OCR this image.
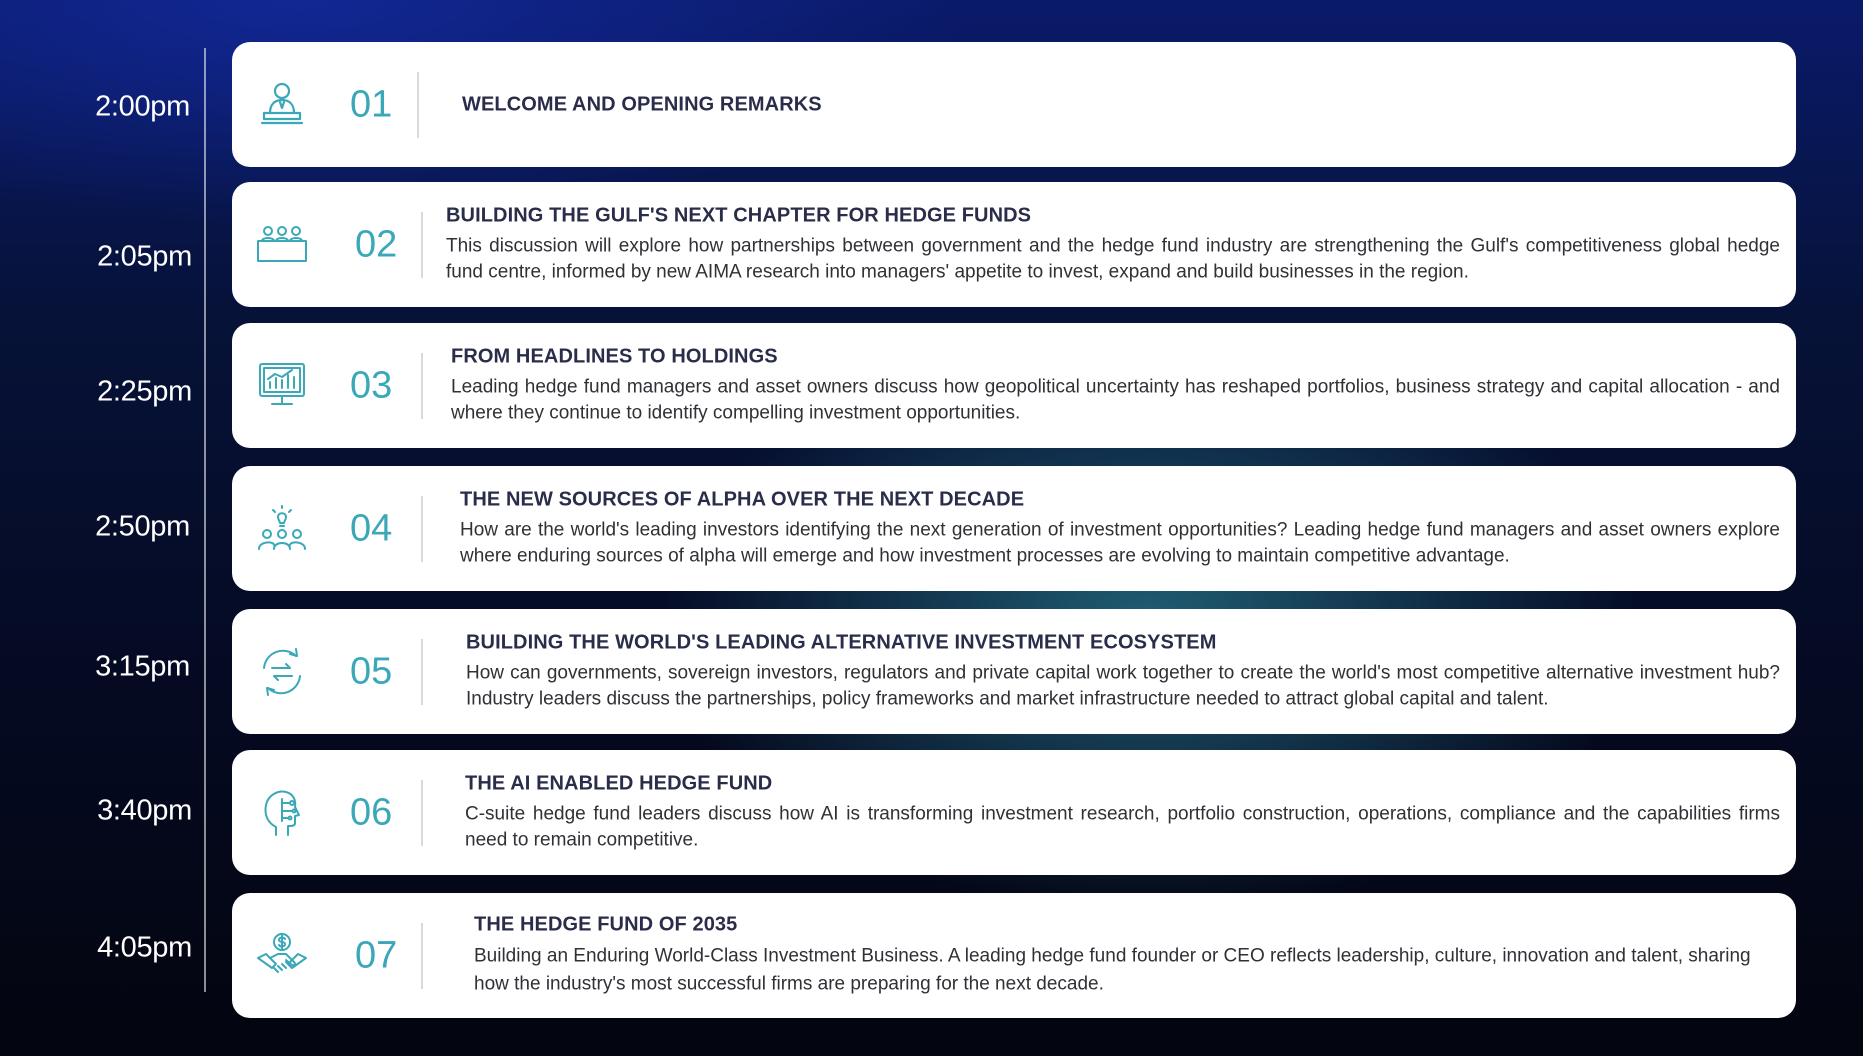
2:00pm
2:05pm
2:25pm
2:50pm
3:15pm
3:40pm
4:05pm
01	WELCOME AND OPENING REMARKS
02
BUILDING THE GULF'S NEXT CHAPTER FOR HEDGE FUNDS
This discussion will explore how partnerships between government and the hedge fund industry are strengthening the Gulf's competitiveness global hedge fund centre, informed by new AIMA research into managers' appetite to invest, expand and build businesses in the region.
03
FROM HEADLINES TO HOLDINGS
Leading hedge fund managers and asset owners discuss how geopolitical uncertainty has reshaped portfolios, business strategy and capital allocation - and where they continue to identify compelling investment opportunities.
04
THE NEW SOURCES OF ALPHA OVER THE NEXT DECADE
How are the world's leading investors identifying the next generation of investment opportunities? Leading hedge fund managers and asset owners explore where enduring sources of alpha will emerge and how investment processes are evolving to maintain competitive advantage.
05
BUILDING THE WORLD'S LEADING ALTERNATIVE INVESTMENT ECOSYSTEM
How can governments, sovereign investors, regulators and private capital work together to create the world's most competitive alternative investment hub? Industry leaders discuss the partnerships, policy frameworks and market infrastructure needed to attract global capital and talent.
06
THE AI ENABLED HEDGE FUND
C-suite hedge fund leaders discuss how AI is transforming investment research, portfolio construction, operations, compliance and the capabilities firms need to remain competitive.
07
THE HEDGE FUND OF 2035
Building an Enduring World-Class Investment Business. A leading hedge fund founder or CEO reflects leadership, culture, innovation and talent, sharing how the industry's most successful firms are preparing for the next decade.
